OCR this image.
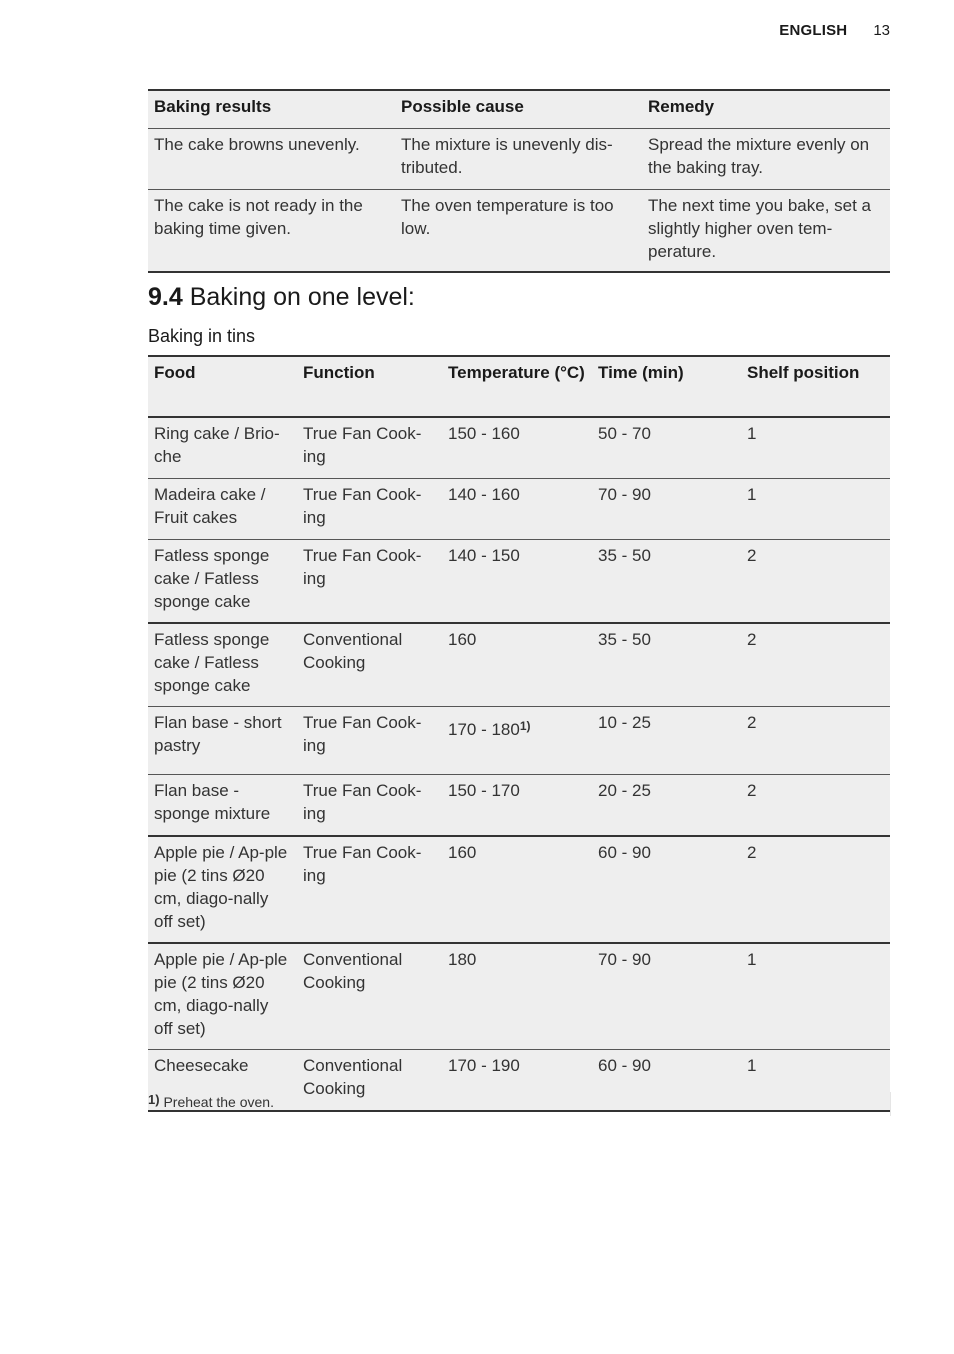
ENGLISH 13
Baking results	Possible cause	Remedy
The cake browns unevenly.	The mixture is unevenly dis-tributed.	Spread the mixture evenly on the baking tray.
The cake is not ready in the baking time given.	The oven temperature is too low.	The next time you bake, set a slightly higher oven tem-perature.
9.4 Baking on one level:
Baking in tins
Food	Function	Temperature (°C)	Time (min)	Shelf position
Ring cake / Brio-che	True Fan Cook-ing	150 - 160	50 - 70	1
Madeira cake / Fruit cakes	True Fan Cook-ing	140 - 160	70 - 90	1
Fatless sponge cake / Fatless sponge cake	True Fan Cook-ing	140 - 150	35 - 50	2
Fatless sponge cake / Fatless sponge cake	Conventional Cooking	160	35 - 50	2
Flan base - short pastry	True Fan Cook-ing	170 - 180$^{1)}$	10 - 25	2
Flan base - sponge mixture	True Fan Cook-ing	150 - 170	20 - 25	2
Apple pie / Ap-ple pie (2 tins Ø20 cm, diago-nally off set)	True Fan Cook-ing	160	60 - 90	2
Apple pie / Ap-ple pie (2 tins Ø20 cm, diago-nally off set)	Conventional Cooking	180	70 - 90	1
Cheesecake	Conventional Cooking	170 - 190	60 - 90	1
1) Preheat the oven.
